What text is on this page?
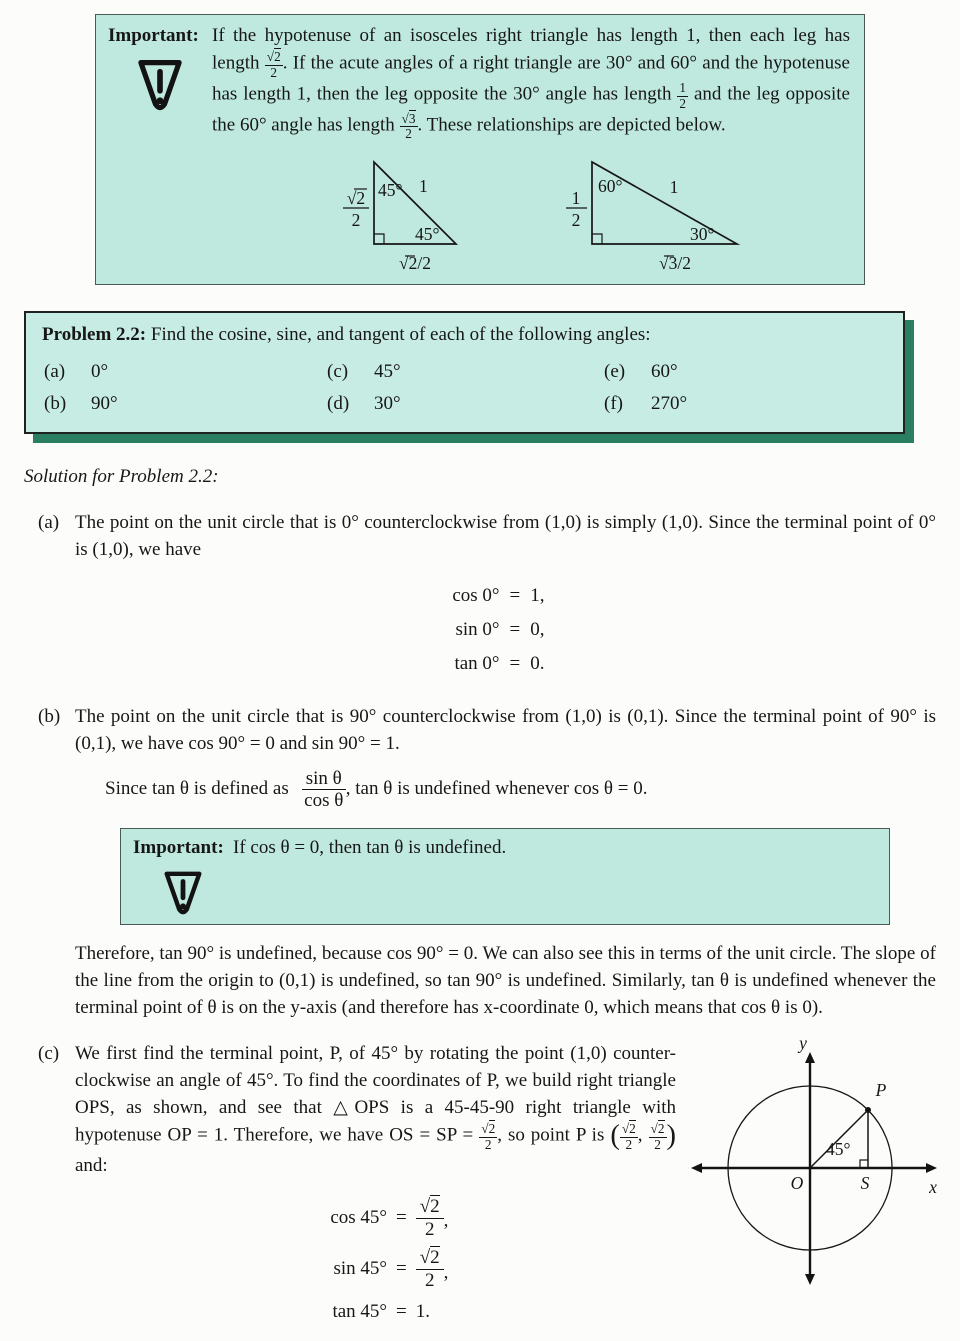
Important: If the hypotenuse of an isosceles right triangle has length 1, then each leg has length $\frac{√2}{2}$ . If the acute angles of a right triangle are 30° and 60° and the hypotenuse has length 1, then the leg opposite the 30° angle has length $\frac{1}{2}$ and the leg opposite the 60° angle has length $\frac{√3}{2}$ . These relationships are depicted below.
45° 1
45°
√2
2
√2/2
60°	1
30°
1
2
√3/2
Problem 2.2: Find the cosine, sine, and tangent of each of the following angles:
(a) 0°	(c) 45°	(e) 60°
(b) 90°	(d) 30°	(f) 270°
Solution for Problem 2.2:
(a) The point on the unit circle that is 0° counterclockwise from (1,0) is simply (1,0). Since the terminal point of 0° is (1,0), we have
cos 0° = 1,
sin 0° = 0,
tan 0° = 0.
(b) The point on the unit circle that is 90° counterclockwise from (1,0) is (0,1). Since the terminal point of 90° is (0,1), we have cos 90° = 0 and sin 90° = 1.
Since tan θ is defined as $\frac{\text{sin θ}}{\text{cos θ}}$ , tan θ is undefined whenever cos θ = 0.
Important: If cos θ = 0, then tan θ is undefined.
Therefore, tan 90° is undefined, because cos 90° = 0. We can also see this in terms of the unit circle. The slope of the line from the origin to (0,1) is undefined, so tan 90° is undefined. Similarly, tan θ is undefined whenever the terminal point of θ is on the y-axis (and therefore has x-coordinate 0, which means that cos θ is 0).
(c)	y
x
O	S
P
45°
We first find the terminal point, P, of 45° by rotating the point (1,0) counter-clockwise an angle of 45°. To find the coordinates of P, we build right triangle OPS, as shown, and see that △OPS is a 45-45-90 right triangle with hypotenuse OP = 1. Therefore, we have OS = SP = $\frac{√2}{2}$ , so point P is ( $\frac{√2}{2}$ , $\frac{√2}{2}$ ) and:
$\cos 45^\circ = \frac{√2}{2}$ ,
$\sin 45^\circ = \frac{√2}{2}$ ,
tan 45° = 1.
